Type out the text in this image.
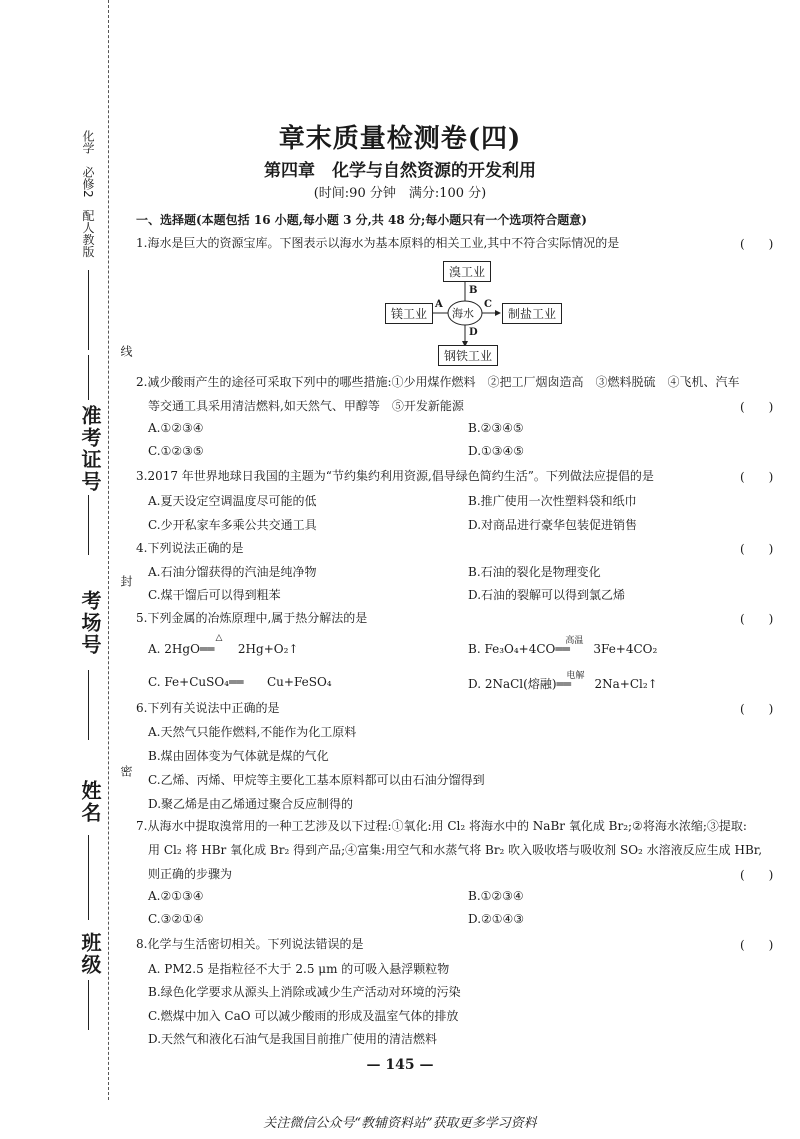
化学　必修2　配人教版
线
准考证号
封
考场号
密
姓名
班级
章末质量检测卷(四)
第四章　化学与自然资源的开发利用
(时间:90 分钟　满分:100 分)
一、选择题(本题包括 16 小题,每小题 3 分,共 48 分;每小题只有一个选项符合题意)
1.海水是巨大的资源宝库。下图表示以海水为基本原料的相关工业,其中不符合实际情况的是	(　　)
海水
溴工业
镁工业	制盐工业
钢铁工业
A
B
C
D
2.减少酸雨产生的途径可采取下列中的哪些措施:①少用煤作燃料　②把工厂烟囱造高　③燃料脱硫　④飞机、汽车
等交通工具采用清洁燃料,如天然气、甲醇等　⑤开发新能源	(　　)
A.①②③④	B.②③④⑤
C.①②③⑤	D.①③④⑤
3.2017 年世界地球日我国的主题为“节约集约利用资源,倡导绿色简约生活”。下列做法应提倡的是	(　　)
A.夏天设定空调温度尽可能的低	B.推广使用一次性塑料袋和纸巾
C.少开私家车多乘公共交通工具	D.对商品进行豪华包装促进销售
4.下列说法正确的是	(　　)
A.石油分馏获得的汽油是纯净物	B.石油的裂化是物理变化
C.煤干馏后可以得到粗苯	D.石油的裂解可以得到氯乙烯
5.下列金属的冶炼原理中,属于热分解法的是	(　　)
A. 2HgO
△
══ 2Hg+O₂↑	B. Fe₃O₄+4CO
高温
══ 3Fe+4CO₂
C. Fe+CuSO₄══ Cu+FeSO₄	D. 2NaCl(熔融)
电解
══ 2Na+Cl₂↑
6.下列有关说法中正确的是	(　　)
A.天然气只能作燃料,不能作为化工原料
B.煤由固体变为气体就是煤的气化
C.乙烯、丙烯、甲烷等主要化工基本原料都可以由石油分馏得到
D.聚乙烯是由乙烯通过聚合反应制得的
7.从海水中提取溴常用的一种工艺涉及以下过程:①氧化:用 Cl₂ 将海水中的 NaBr 氧化成 Br₂;②将海水浓缩;③提取:
用 Cl₂ 将 HBr 氧化成 Br₂ 得到产品;④富集:用空气和水蒸气将 Br₂ 吹入吸收塔与吸收剂 SO₂ 水溶液反应生成 HBr,
则正确的步骤为	(　　)
A.②①③④	B.①②③④
C.③②①④	D.②①④③
8.化学与生活密切相关。下列说法错误的是	(　　)
A. PM2.5 是指粒径不大于 2.5 μm 的可吸入悬浮颗粒物
B.绿色化学要求从源头上消除或减少生产活动对环境的污染
C.燃煤中加入 CaO 可以减少酸雨的形成及温室气体的排放
D.天然气和液化石油气是我国目前推广使用的清洁燃料
— 145 —
关注微信公众号“教辅资料站”获取更多学习资料
